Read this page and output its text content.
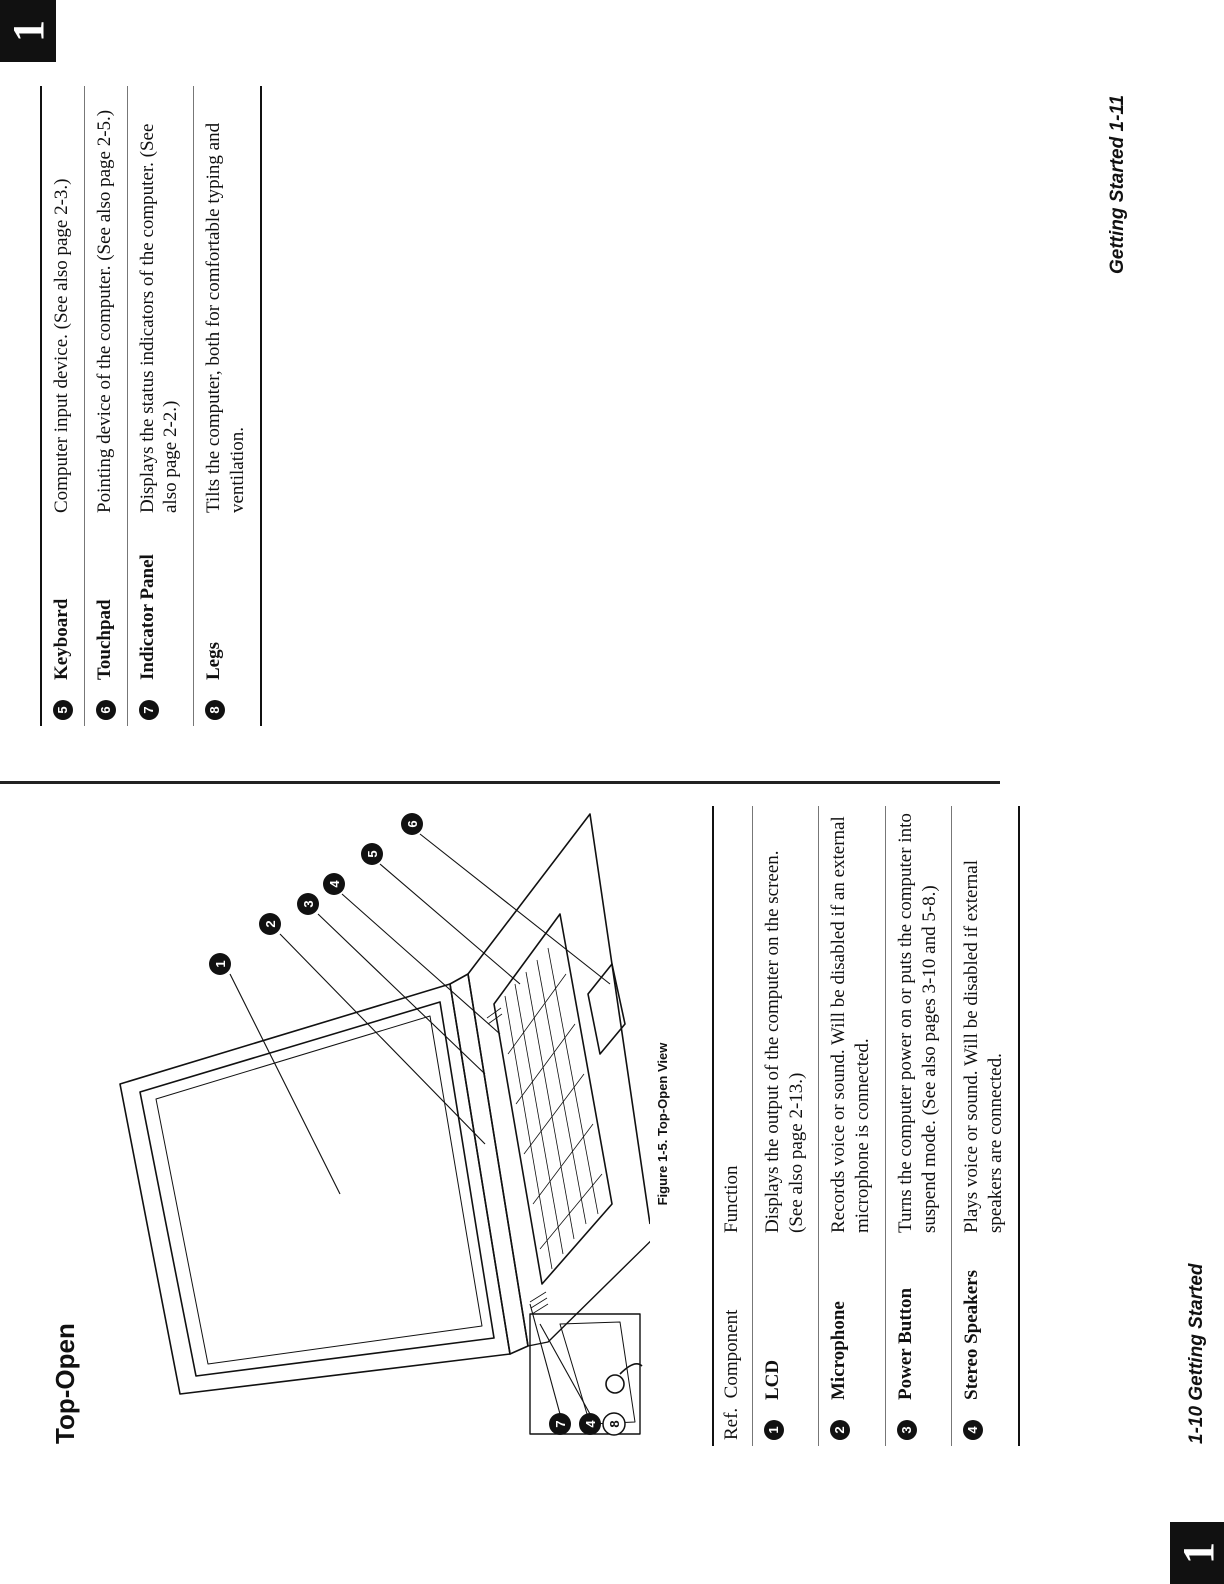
1
1
Top-Open
1
2
3
4
5
6
7 4 8
Figure 1-5. Top-Open View
Ref.  Component		Function
1	LCD	Displays the output of the computer on the screen. (See also page 2-13.)
2	Microphone	Records voice or sound. Will be disabled if an external microphone is connected.
3	Power Button	Turns the computer power on or puts the computer into suspend mode. (See also pages 3-10 and 5-8.)
4	Stereo Speakers	Plays voice or sound. Will be disabled if external speakers are connected.
5	Keyboard	Computer input device. (See also page 2-3.)
6	Touchpad	Pointing device of the computer. (See also page 2-5.)
7	Indicator Panel	Displays the status indicators of the computer. (See also page 2-2.)
8	Legs	Tilts the computer, both for comfortable typing and ventilation.
1-10 Getting Started
Getting Started 1-11
